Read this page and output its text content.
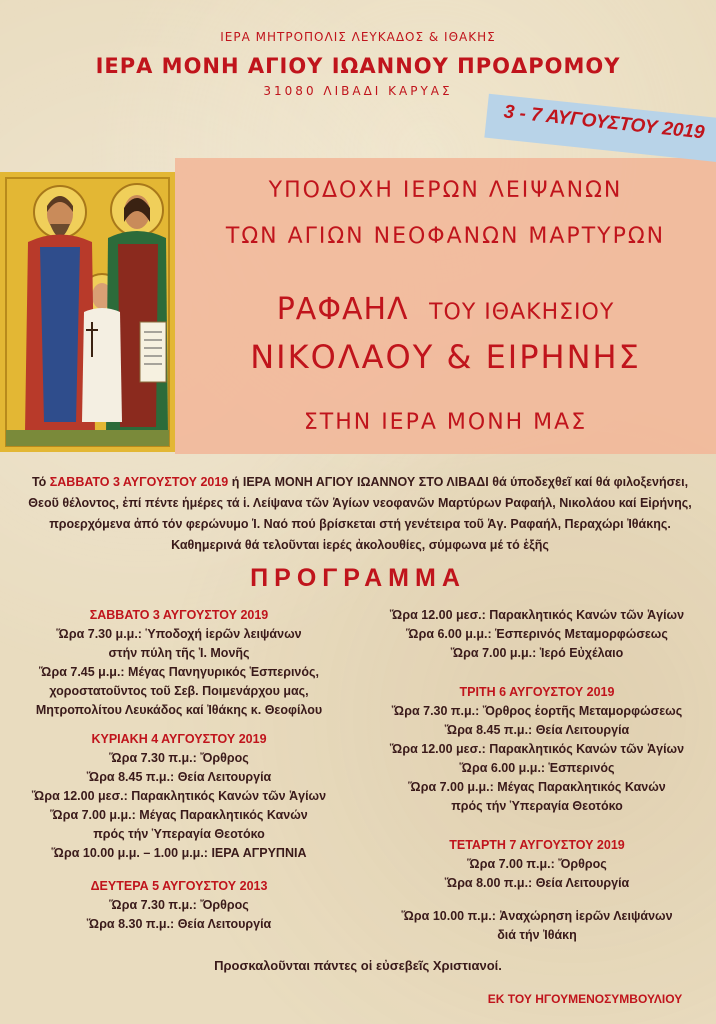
ΙΕΡΑ ΜΗΤΡΟΠΟΛΙΣ ΛΕΥΚΑΔΟΣ & ΙΘΑΚΗΣ
ΙΕΡΑ ΜΟΝΗ ΑΓΙΟΥ ΙΩΑΝΝΟΥ ΠΡΟΔΡΟΜΟΥ
31080 ΛΙΒΑΔΙ ΚΑΡΥΑΣ
3 - 7 ΑΥΓΟΥΣΤΟΥ 2019
ΥΠΟΔΟΧΗ ΙΕΡΩΝ ΛΕΙΨΑΝΩΝ
ΤΩΝ ΑΓΙΩΝ ΝΕΟΦΑΝΩΝ ΜΑΡΤΥΡΩΝ
ΡΑΦΑΗΛ ΤΟΥ ΙΘΑΚΗΣΙΟΥ
ΝΙΚΟΛΑΟΥ & ΕΙΡΗΝΗΣ
ΣΤΗΝ ΙΕΡΑ ΜΟΝΗ ΜΑΣ
Τό ΣΑΒΒΑΤΟ 3 ΑΥΓΟΥΣΤΟΥ 2019 ή ΙΕΡΑ ΜΟΝΗ ΑΓΙΟΥ ΙΩΑΝΝΟΥ ΣΤΟ ΛΙΒΑΔΙ θά ύποδεχθεῖ καί θά φιλοξενήσει, Θεοῦ θέλοντος, ἐπί πέντε ἡμέρες τά ἱ. Λείψανα τῶν Ἁγίων νεοφανῶν Μαρτύρων Ραφαήλ, Νικολάου καί Εἰρήνης, προερχόμενα ἀπό τόν φερώνυμο Ἱ. Ναό πού βρίσκεται στή γενέτειρα τοῦ Ἁγ. Ραφαήλ, Περαχώρι Ἰθάκης. Καθημερινά θά τελοῦνται ἱερές ἀκολουθίες, σύμφωνα μέ τό ἑξῆς
ΠΡΟΓΡΑΜΜΑ
ΣΑΒΒΑΤΟ 3 ΑΥΓΟΥΣΤΟΥ 2019
Ὥρα 7.30 μ.μ.: Ὑποδοχή ἱερῶν λειψάνων
στήν πύλη τῆς Ἱ. Μονῆς
Ὥρα 7.45 μ.μ.: Μέγας Πανηγυρικός Ἑσπερινός,
χοροστατοῦντος τοῦ Σεβ. Ποιμενάρχου μας,
Μητροπολίτου Λευκάδος καί Ἰθάκης κ. Θεοφίλου
ΚΥΡΙΑΚΗ 4 ΑΥΓΟΥΣΤΟΥ 2019
Ὥρα 7.30 π.μ.: Ὄρθρος
Ὥρα 8.45 π.μ.: Θεία Λειτουργία
Ὥρα 12.00 μεσ.: Παρακλητικός Κανών τῶν Ἁγίων
Ὥρα 7.00 μ.μ.: Μέγας Παρακλητικός Κανών
πρός τήν Ὑπεραγία Θεοτόκο
Ὥρα 10.00 μ.μ. – 1.00 μ.μ.: ΙΕΡΑ ΑΓΡΥΠΝΙΑ
ΔΕΥΤΕΡΑ 5 ΑΥΓΟΥΣΤΟΥ 2013
Ὥρα 7.30 π.μ.: Ὄρθρος
Ὥρα 8.30 π.μ.: Θεία Λειτουργία
Ὥρα 12.00 μεσ.: Παρακλητικός Κανών τῶν Ἁγίων
Ὥρα 6.00 μ.μ.: Ἑσπερινός Μεταμορφώσεως
Ὥρα 7.00 μ.μ.: Ἱερό Εὐχέλαιο
ΤΡΙΤΗ 6 ΑΥΓΟΥΣΤΟΥ 2019
Ὥρα 7.30 π.μ.: Ὄρθρος ἑορτῆς Μεταμορφώσεως
Ὥρα 8.45 π.μ.: Θεία Λειτουργία
Ὥρα 12.00 μεσ.: Παρακλητικός Κανών τῶν Ἁγίων
Ὥρα 6.00 μ.μ.: Ἑσπερινός
Ὥρα 7.00 μ.μ.: Μέγας Παρακλητικός Κανών
πρός τήν Ὑπεραγία Θεοτόκο
ΤΕΤΑΡΤΗ 7 ΑΥΓΟΥΣΤΟΥ 2019
Ὥρα 7.00 π.μ.: Ὄρθρος
Ὥρα 8.00 π.μ.: Θεία Λειτουργία
Ὥρα 10.00 π.μ.: Ἀναχώρηση ἱερῶν Λειψάνων
διά τήν Ἰθάκη
Προσκαλοῦνται πάντες οἱ εὐσεβεῖς Χριστιανοί.
ΕΚ ΤΟΥ ΗΓΟΥΜΕΝΟΣΥΜΒΟΥΛΙΟΥ
